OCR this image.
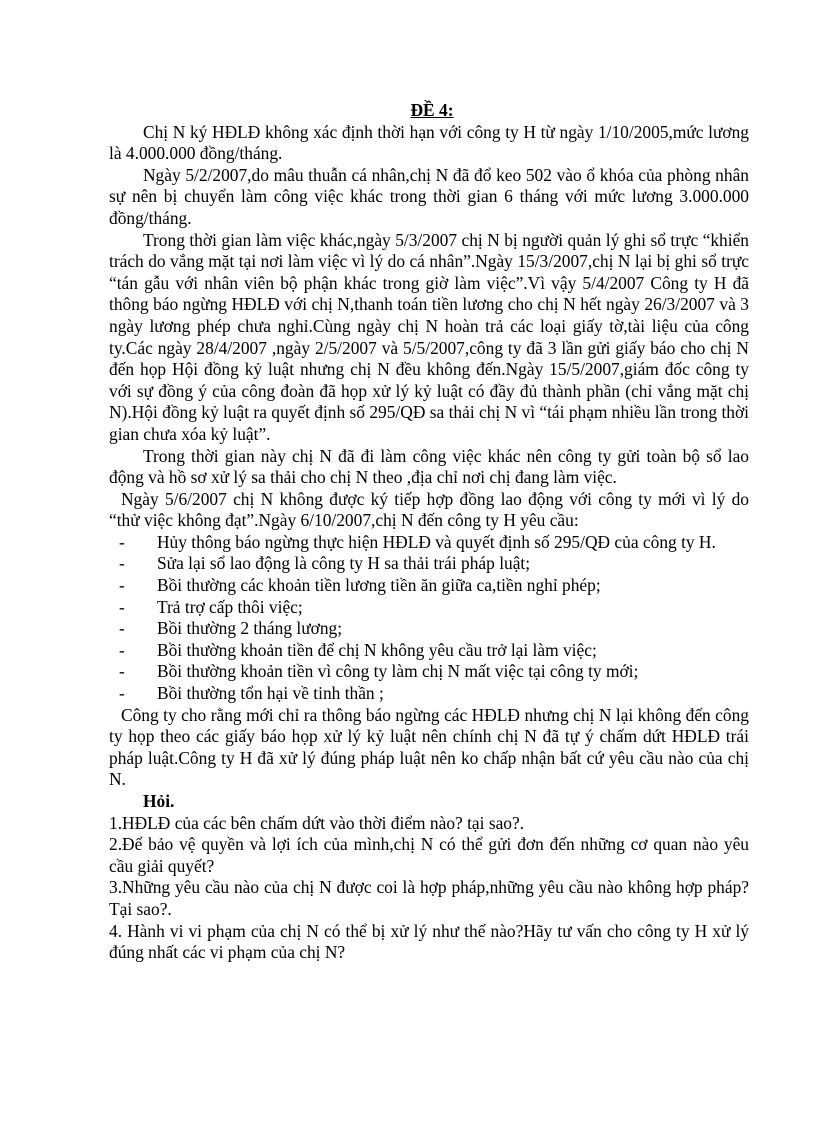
ĐỀ 4:

Chị N ký HĐLĐ không xác định thời hạn với công ty H từ ngày 1/10/2005,mức lương là 4.000.000 đồng/tháng.

Ngày 5/2/2007,do mâu thuẫn cá nhân,chị N đã đổ keo 502 vào ổ khóa của phòng nhân sự nên bị chuyển làm công việc khác trong thời gian 6 tháng với mức lương 3.000.000 đồng/tháng.

Trong thời gian làm việc khác,ngày 5/3/2007 chị N bị người quản lý ghi sổ trực “khiển trách do vắng mặt tại nơi làm việc vì lý do cá nhân”.Ngày 15/3/2007,chị N lại bị ghi sổ trực “tán gẫu với nhân viên bộ phận khác trong giờ làm việc”.Vì vậy 5/4/2007 Công ty H đã thông báo ngừng HĐLĐ với chị N,thanh toán tiền lương cho chị N hết ngày 26/3/2007 và 3 ngày lương phép chưa nghỉ.Cùng ngày chị N hoàn trả các loại giấy tờ,tài liệu của công ty.Các ngày 28/4/2007 ,ngày 2/5/2007 và 5/5/2007,công ty đã 3 lần gửi giấy báo cho chị N đến họp Hội đồng kỷ luật nhưng chị N đều không đến.Ngày 15/5/2007,giám đốc công ty với sự đồng ý của công đoàn đã họp xử lý kỷ luật có đầy đủ thành phần (chỉ vắng mặt chị N).Hội đồng kỷ luật ra quyết định số 295/QĐ sa thải chị N vì “tái phạm nhiều lần trong thời gian chưa xóa kỷ luật”.

Trong thời gian này chị N đã đi làm công việc khác nên công ty gửi toàn bộ sổ lao động và hồ sơ xử lý sa thải cho chị N theo ,địa chỉ nơi chị đang làm việc.

Ngày 5/6/2007 chị N không được ký tiếp hợp đồng lao động với công ty mới vì lý do “thử việc không đạt”.Ngày 6/10/2007,chị N đến công ty H yêu cầu:

- Hủy thông báo ngừng thực hiện HĐLĐ và quyết định số 295/QĐ của công ty H.
- Sửa lại sổ lao động là công ty H sa thải trái pháp luật;
- Bồi thường các khoản tiền lương tiền ăn giữa ca,tiền nghỉ phép;
- Trả trợ cấp thôi việc;
- Bồi thường 2 tháng lương;
- Bồi thường khoản tiền để chị N không yêu cầu trở lại làm việc;
- Bồi thường khoản tiền vì công ty làm chị N mất việc tại công ty mới;
- Bồi thường tổn hại về tinh thần ;

Công ty cho rằng mới chỉ ra thông báo ngừng các HĐLĐ nhưng chị N lại không đến công ty họp theo các giấy báo họp xử lý kỷ luật nên chính chị N đã tự ý chấm dứt HĐLĐ trái pháp luật.Công ty H đã xử lý đúng pháp luật nên ko chấp nhận bất cứ yêu cầu nào của chị N.

Hỏi.

1.HĐLĐ của các bên chấm dứt vào thời điểm nào? tại sao?.

2.Để bảo vệ quyền và lợi ích của mình,chị N có thể gửi đơn đến những cơ quan nào yêu cầu giải quyết?

3.Những yêu cầu nào của chị N được coi là hợp pháp,những yêu cầu nào không hợp pháp? Tại sao?.

4. Hành vi vi phạm của chị N có thể bị xử lý như thế nào?Hãy tư vấn cho công ty H xử lý đúng nhất các vi phạm của chị N?
